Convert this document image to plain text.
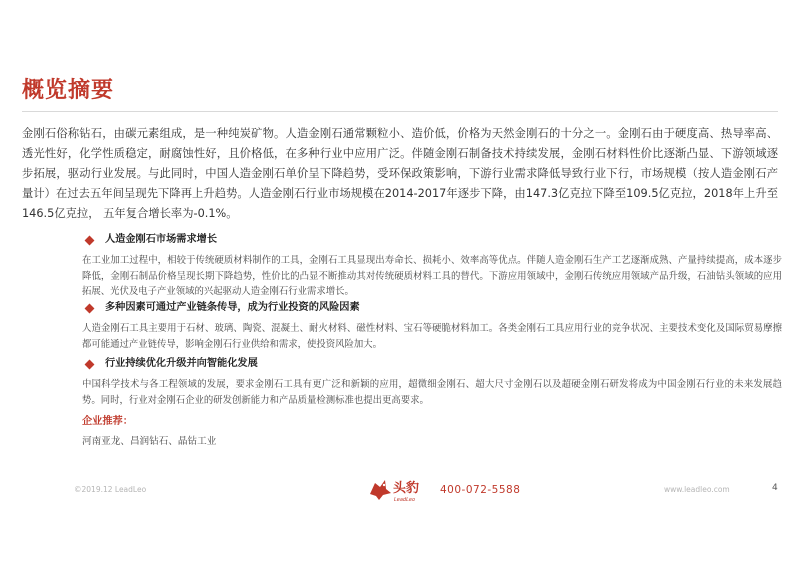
概览摘要
金刚石俗称钻石，由碳元素组成，是一种纯炭矿物。人造金刚石通常颗粒小、造价低，价格为天然金刚石的十分之一。金刚石由于硬度高、热导率高、透光性好，化学性质稳定，耐腐蚀性好，且价格低，在多种行业中应用广泛。伴随金刚石制备技术持续发展，金刚石材料性价比逐渐凸显、下游领域逐步拓展，驱动行业发展。与此同时，中国人造金刚石单价呈下降趋势，受环保政策影响，下游行业需求降低导致行业下行，市场规模（按人造金刚石产量计）在过去五年间呈现先下降再上升趋势。人造金刚石行业市场规模在2014-2017年逐步下降，由147.3亿克拉下降至109.5亿克拉，2018年上升至146.5亿克拉， 五年复合增长率为-0.1%。
人造金刚石市场需求增长
在工业加工过程中，相较于传统硬质材料制作的工具，金刚石工具显现出寿命长、损耗小、效率高等优点。伴随人造金刚石生产工艺逐渐成熟、产量持续提高，成本逐步降低，金刚石制品价格呈现长期下降趋势，性价比的凸显不断推动其对传统硬质材料工具的替代。下游应用领域中，金刚石传统应用领域产品升级，石油钻头领域的应用拓展、光伏及电子产业领域的兴起驱动人造金刚石行业需求增长。
多种因素可通过产业链条传导，成为行业投资的风险因素
人造金刚石工具主要用于石材、玻璃、陶瓷、混凝土、耐火材料、磁性材料、宝石等硬脆材料加工。各类金刚石工具应用行业的竞争状况、主要技术变化及国际贸易摩擦都可能通过产业链传导，影响金刚石行业供给和需求，使投资风险加大。
行业持续优化升级并向智能化发展
中国科学技术与各工程领域的发展，要求金刚石工具有更广泛和新颖的应用，超微细金刚石、超大尺寸金刚石以及超硬金刚石研发将成为中国金刚石行业的未来发展趋势。同时，行业对金刚石企业的研发创新能力和产品质量检测标准也提出更高要求。
企业推荐：
河南亚龙、昌润钻石、晶钻工业
©2019.12 LeadLeo	头豹
LeadLeo
400-072-5588	www.leadleo.com	4
